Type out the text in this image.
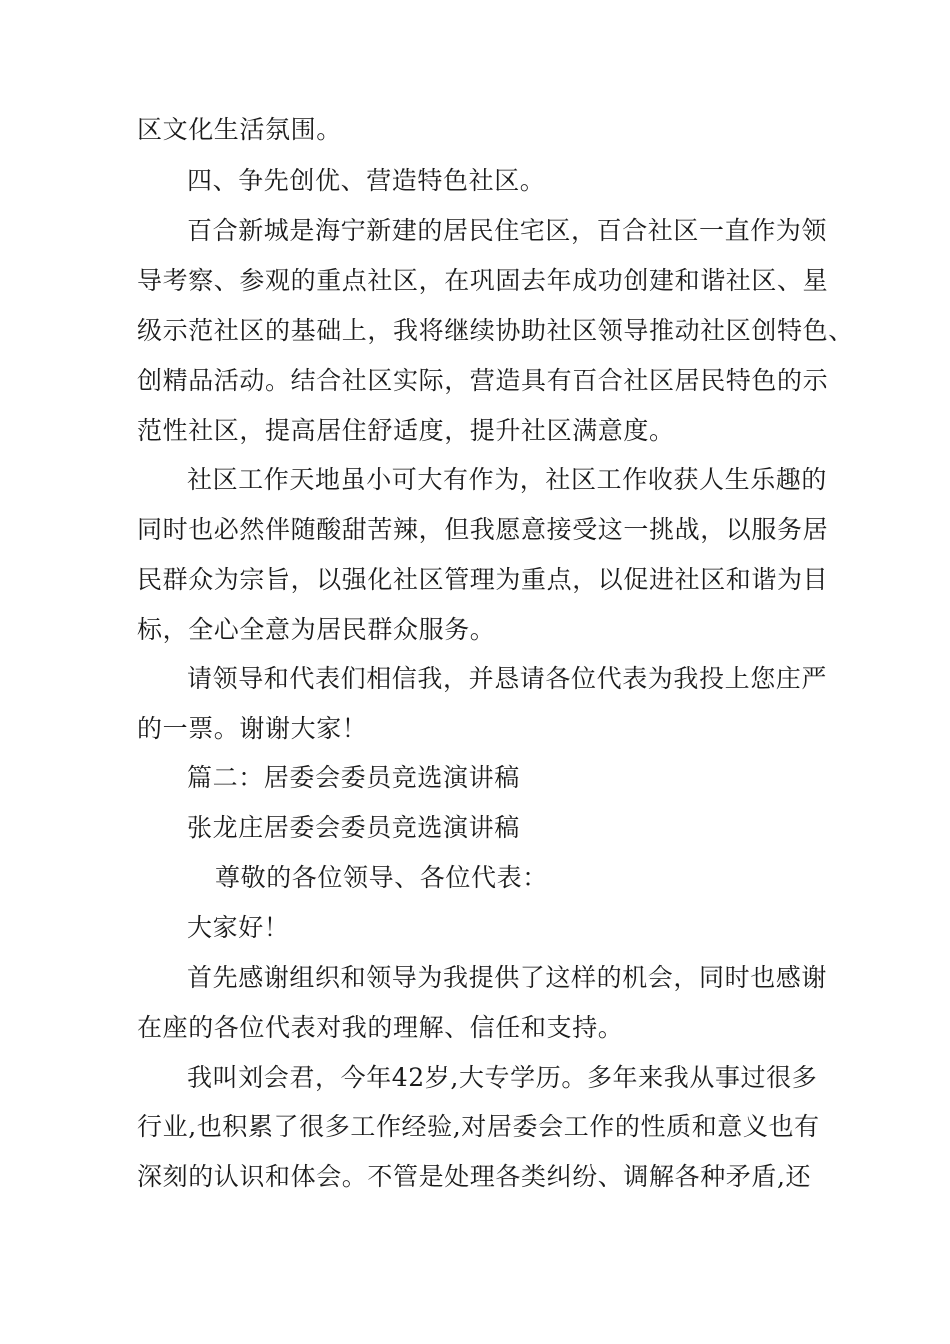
区文化生活氛围。
四、争先创优、营造特色社区。
百合新城是海宁新建的居民住宅区，百合社区一直作为领
导考察、参观的重点社区，在巩固去年成功创建和谐社区、星
级示范社区的基础上，我将继续协助社区领导推动社区创特色、
创精品活动。结合社区实际，营造具有百合社区居民特色的示
范性社区，提高居住舒适度，提升社区满意度。
社区工作天地虽小可大有作为，社区工作收获人生乐趣的
同时也必然伴随酸甜苦辣，但我愿意接受这一挑战，以服务居
民群众为宗旨，以强化社区管理为重点，以促进社区和谐为目
标，全心全意为居民群众服务。
请领导和代表们相信我，并恳请各位代表为我投上您庄严
的一票。谢谢大家！
篇二：居委会委员竞选演讲稿
张龙庄居委会委员竞选演讲稿
尊敬的各位领导、各位代表：
大家好！
首先感谢组织和领导为我提供了这样的机会，同时也感谢
在座的各位代表对我的理解、信任和支持。
我叫刘会君，今年42岁,大专学历。多年来我从事过很多
行业,也积累了很多工作经验,对居委会工作的性质和意义也有
深刻的认识和体会。不管是处理各类纠纷、调解各种矛盾,还
